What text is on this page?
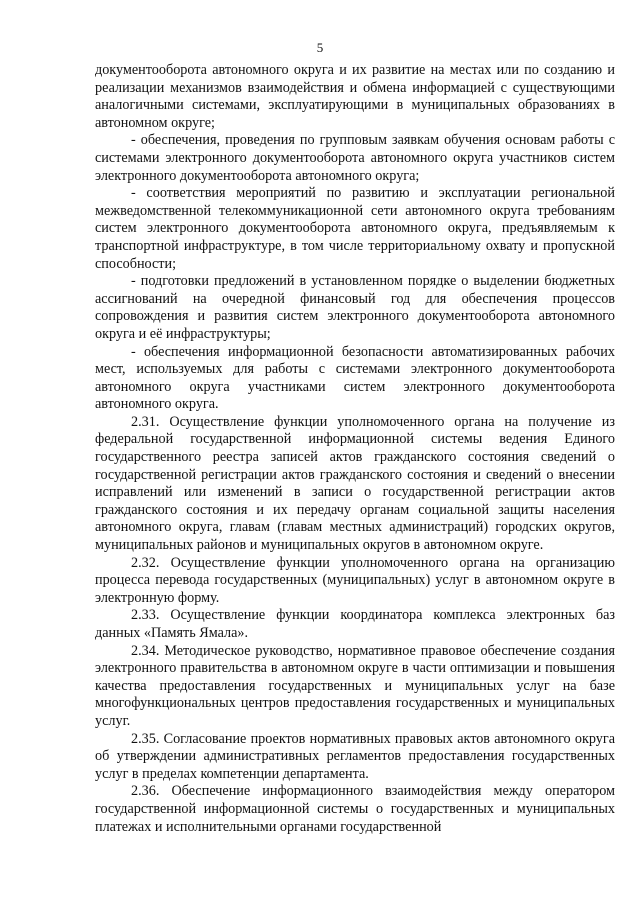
5

документооборота автономного округа и их развитие на местах или по созданию и реализации механизмов взаимодействия и обмена информацией с существующими аналогичными системами, эксплуатирующими в муниципальных образованиях в автономном округе;

- обеспечения, проведения по групповым заявкам обучения основам работы с системами электронного документооборота автономного округа участников систем электронного документооборота автономного округа;

- соответствия мероприятий по развитию и эксплуатации региональной межведомственной телекоммуникационной сети автономного округа требованиям систем электронного документооборота автономного округа, предъявляемым к транспортной инфраструктуре, в том числе территориальному охвату и пропускной способности;

- подготовки предложений в установленном порядке о выделении бюджетных ассигнований на очередной финансовый год для обеспечения процессов сопровождения и развития систем электронного документооборота автономного округа и её инфраструктуры;

- обеспечения информационной безопасности автоматизированных рабочих мест, используемых для работы с системами электронного документооборота автономного округа участниками систем электронного документооборота автономного округа.

2.31. Осуществление функции уполномоченного органа на получение из федеральной государственной информационной системы ведения Единого государственного реестра записей актов гражданского состояния сведений о государственной регистрации актов гражданского состояния и сведений о внесении исправлений или изменений в записи о государственной регистрации актов гражданского состояния и их передачу органам социальной защиты населения автономного округа, главам (главам местных администраций) городских округов, муниципальных районов и муниципальных округов в автономном округе.

2.32. Осуществление функции уполномоченного органа на организацию процесса перевода государственных (муниципальных) услуг в автономном округе в электронную форму.

2.33. Осуществление функции координатора комплекса электронных баз данных «Память Ямала».

2.34. Методическое руководство, нормативное правовое обеспечение создания электронного правительства в автономном округе в части оптимизации и повышения качества предоставления государственных и муниципальных услуг на базе многофункциональных центров предоставления государственных и муниципальных услуг.

2.35. Согласование проектов нормативных правовых актов автономного округа об утверждении административных регламентов предоставления государственных услуг в пределах компетенции департамента.

2.36. Обеспечение информационного взаимодействия между оператором государственной информационной системы о государственных и муниципальных платежах и исполнительными органами государственной
